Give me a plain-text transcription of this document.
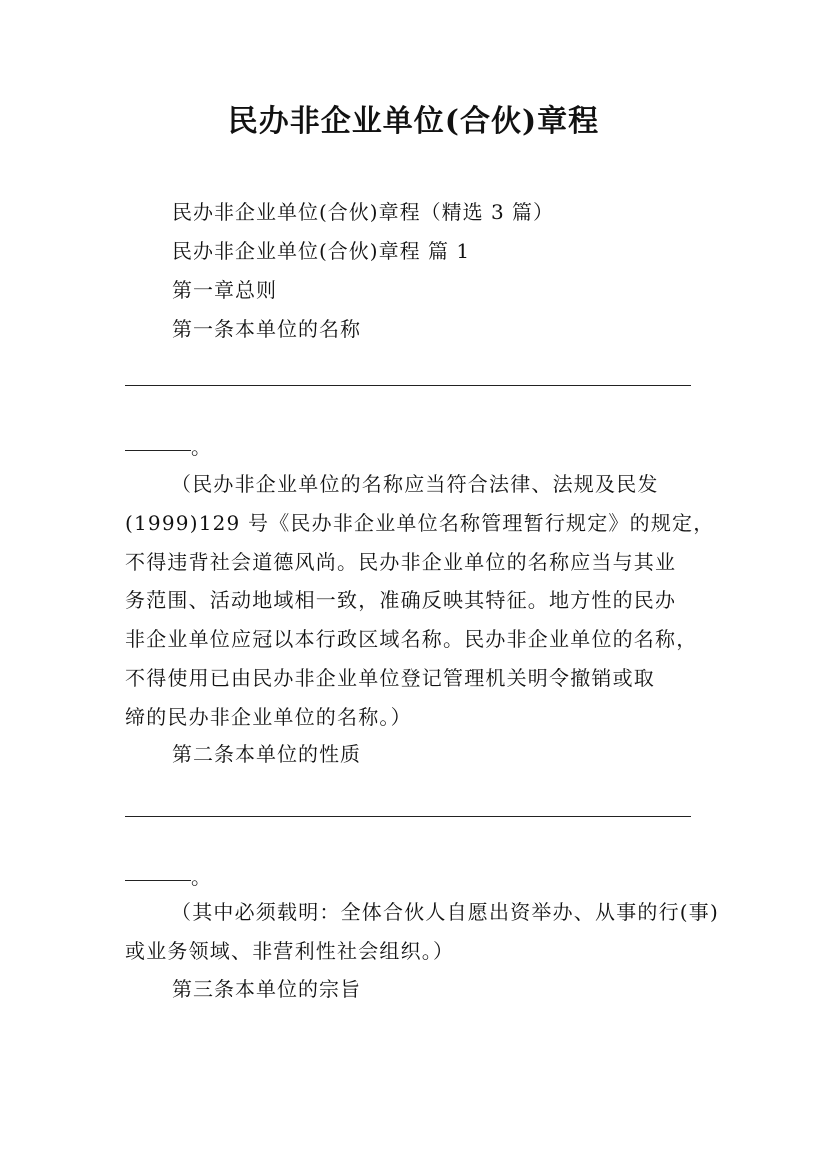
民办非企业单位(合伙)章程
民办非企业单位(合伙)章程（精选 3 篇）
民办非企业单位(合伙)章程 篇 1
第一章总则
第一条本单位的名称
。
（民办非企业单位的名称应当符合法律、法规及民发
(1999)129 号《民办非企业单位名称管理暂行规定》的规定，
不得违背社会道德风尚。民办非企业单位的名称应当与其业
务范围、活动地域相一致，准确反映其特征。地方性的民办
非企业单位应冠以本行政区域名称。民办非企业单位的名称，
不得使用已由民办非企业单位登记管理机关明令撤销或取
缔的民办非企业单位的名称。）
第二条本单位的性质
。
（其中必须载明：全体合伙人自愿出资举办、从事的行(事)
或业务领域、非营利性社会组织。）
第三条本单位的宗旨
